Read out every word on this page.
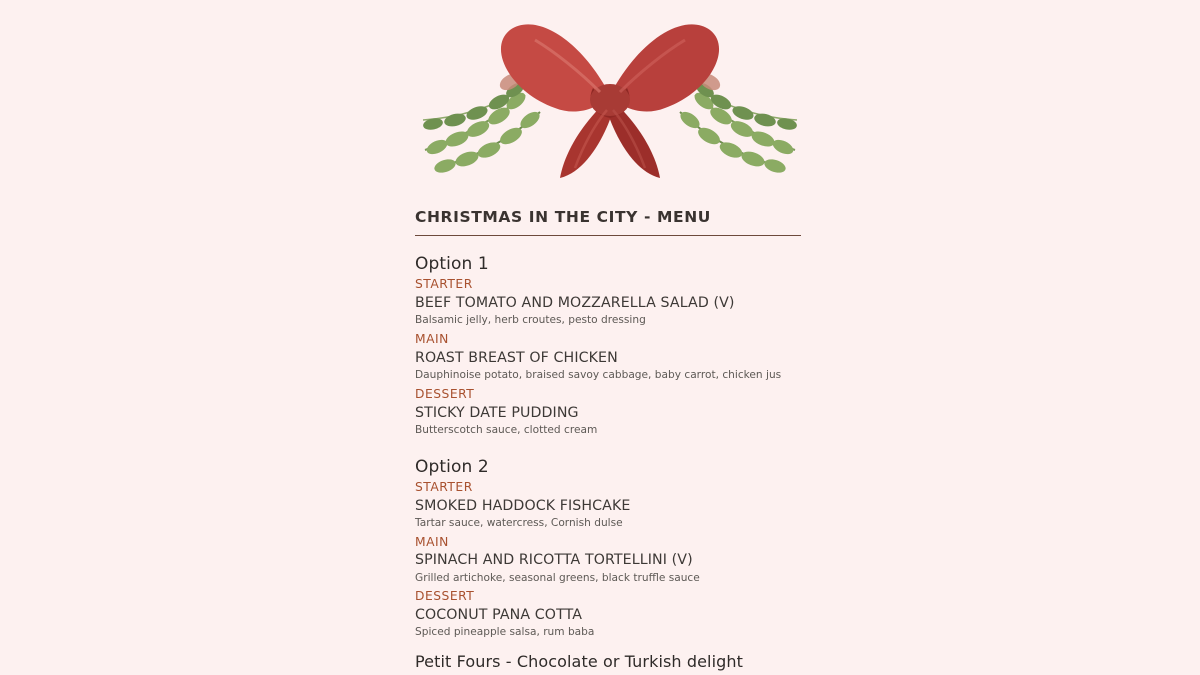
CHRISTMAS IN THE CITY - MENU
Option 1
STARTER
BEEF TOMATO AND MOZZARELLA SALAD (V)
Balsamic jelly, herb croutes, pesto dressing
MAIN
ROAST BREAST OF CHICKEN
Dauphinoise potato, braised savoy cabbage, baby carrot, chicken jus
DESSERT
STICKY DATE PUDDING
Butterscotch sauce, clotted cream
Option 2
STARTER
SMOKED HADDOCK FISHCAKE
Tartar sauce, watercress, Cornish dulse
MAIN
SPINACH AND RICOTTA TORTELLINI (V)
Grilled artichoke, seasonal greens, black truffle sauce
DESSERT
COCONUT PANA COTTA
Spiced pineapple salsa, rum baba
Petit Fours - Chocolate or Turkish delight
